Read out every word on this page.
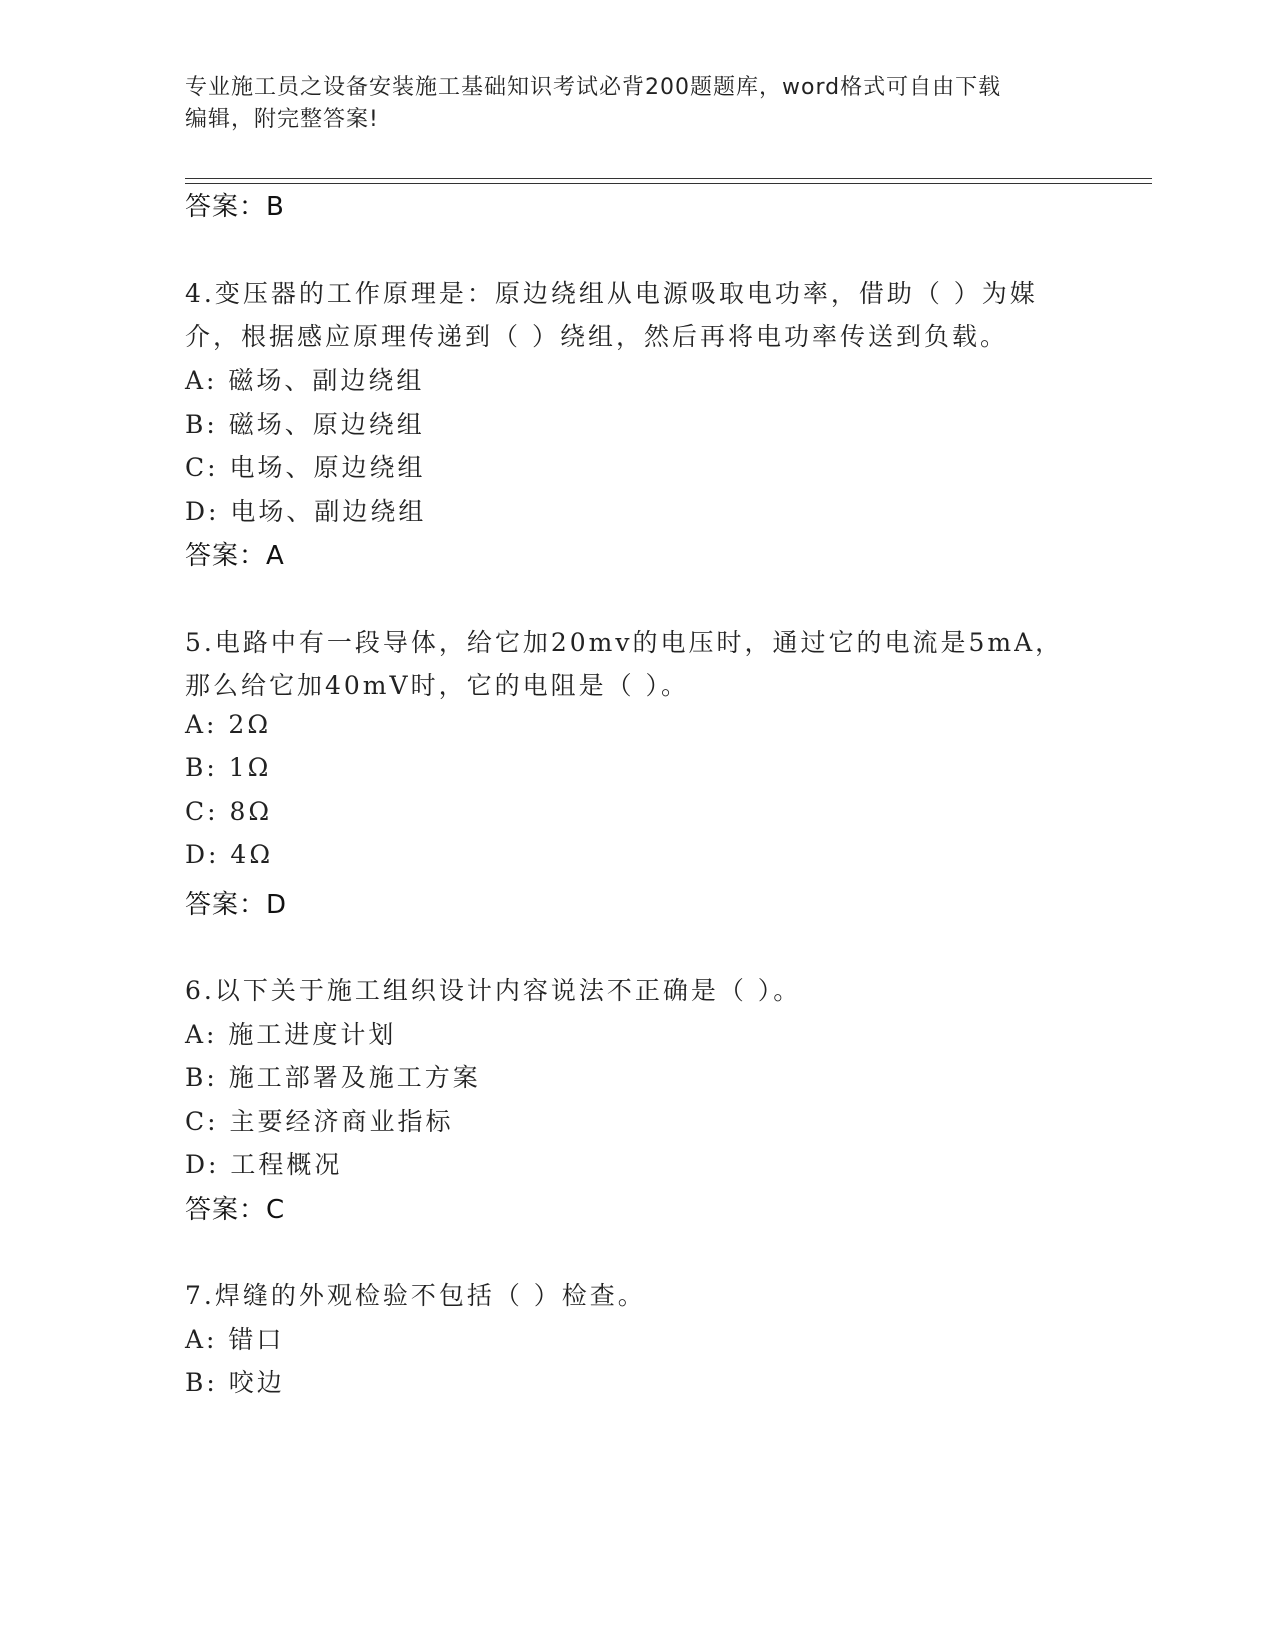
专业施工员之设备安装施工基础知识考试必背200题题库，word格式可自由下载
编辑，附完整答案!
答案：B
4.变压器的工作原理是：原边绕组从电源吸取电功率，借助（ ）为媒
介，根据感应原理传递到（ ）绕组，然后再将电功率传送到负载。
A: 磁场、副边绕组
B: 磁场、原边绕组
C: 电场、原边绕组
D: 电场、副边绕组
答案：A
5.电路中有一段导体，给它加20mv的电压时，通过它的电流是5mA，
那么给它加40mV时，它的电阻是（ ）。
A: 2Ω
B: 1Ω
C: 8Ω
D: 4Ω
答案：D
6.以下关于施工组织设计内容说法不正确是（ ）。
A: 施工进度计划
B: 施工部署及施工方案
C: 主要经济商业指标
D: 工程概况
答案：C
7.焊缝的外观检验不包括（ ）检查。
A: 错口
B: 咬边
